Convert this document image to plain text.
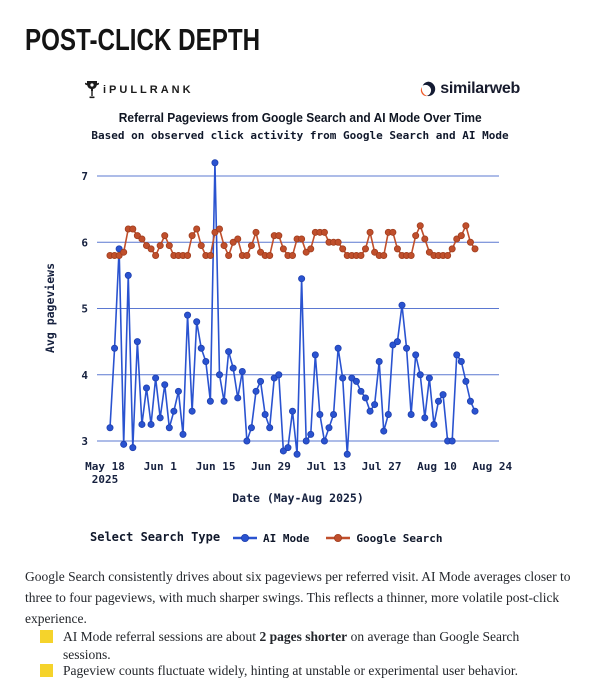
POST-CLICK DEPTH
iPULLRANK	similarweb
Referral Pageviews from Google Search and AI Mode Over Time
Based on observed click activity from Google Search and AI Mode
3
4
5
6
7
May 18 2025
Jun 1 Jun 15 Jun 29 Jul 13 Jul 27 Aug 10 Aug 24
Date (May-Aug 2025)
Avg pageviews
Select Search Type	AI Mode	Google Search

Google Search consistently drives about six pageviews per referred visit. AI Mode averages closer to three to four pageviews, with much sharper swings. This reflects a thinner, more volatile post-click experience.

AI Mode referral sessions are about 2 pages shorter on average than Google Search sessions.
Pageview counts fluctuate widely, hinting at unstable or experimental user behavior.
